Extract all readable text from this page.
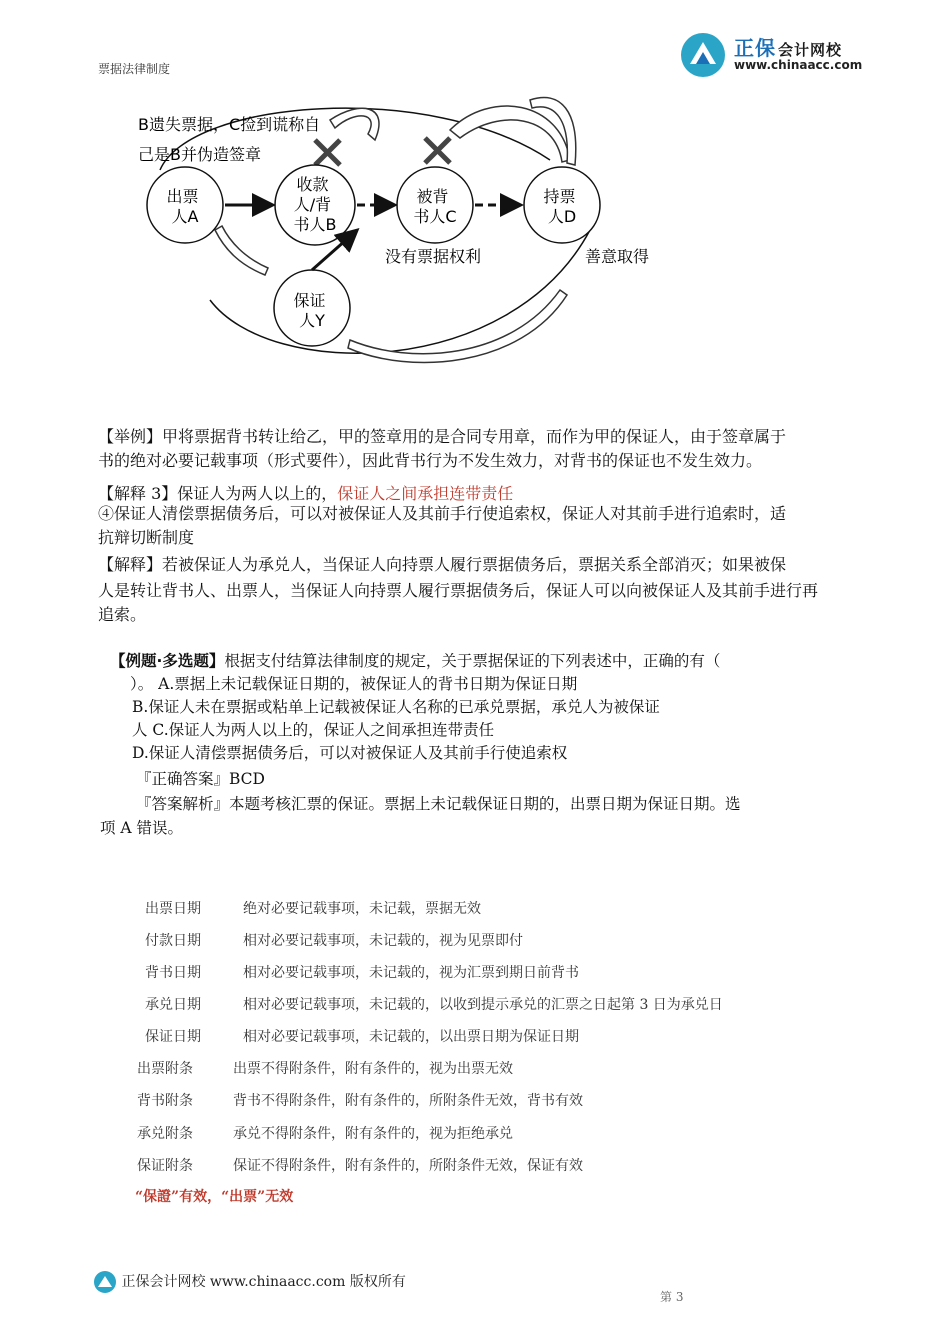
正保 会计网校
www.chinaacc.com
票据法律制度
出票 人A
收款 人/背 书人B
被背 书人C
持票 人D
保证 人Y
B遗失票据，C捡到谎称自
己是B并伪造签章
没有票据权利	善意取得
【举例】甲将票据背书转让给乙，甲的签章用的是合同专用章，而作为甲的保证人，由于签章属于
书的绝对必要记载事项（形式要件），因此背书行为不发生效力，对背书的保证也不发生效力。
【解释 3】保证人为两人以上的，保证人之间承担连带责任
④保证人清偿票据债务后，可以对被保证人及其前手行使追索权，保证人对其前手进行追索时，适
抗辩切断制度
【解释】若被保证人为承兑人，当保证人向持票人履行票据债务后，票据关系全部消灭；如果被保
人是转让背书人、出票人，当保证人向持票人履行票据债务后，保证人可以向被保证人及其前手进行再
追索。
【例题·多选题】根据支付结算法律制度的规定，关于票据保证的下列表述中，正确的有（
）。 A.票据上未记载保证日期的，被保证人的背书日期为保证日期
B.保证人未在票据或粘单上记载被保证人名称的已承兑票据，承兑人为被保证
人 C.保证人为两人以上的，保证人之间承担连带责任
D.保证人清偿票据债务后，可以对被保证人及其前手行使追索权
『正确答案』BCD
『答案解析』本题考核汇票的保证。票据上未记载保证日期的，出票日期为保证日期。选
项 A 错误。
出票日期	绝对必要记载事项，未记载，票据无效
付款日期	相对必要记载事项，未记载的，视为见票即付
背书日期	相对必要记载事项，未记载的，视为汇票到期日前背书
承兑日期	相对必要记载事项，未记载的，以收到提示承兑的汇票之日起第 3 日为承兑日
保证日期	相对必要记载事项，未记载的，以出票日期为保证日期
出票附条	出票不得附条件，附有条件的，视为出票无效
背书附条	背书不得附条件，附有条件的，所附条件无效，背书有效
承兑附条	承兑不得附条件，附有条件的，视为拒绝承兑
保证附条	保证不得附条件，附有条件的，所附条件无效，保证有效
“保證”有效，“出票”无效
正保会计网校 www.chinaacc.com 版权所有
第 3
